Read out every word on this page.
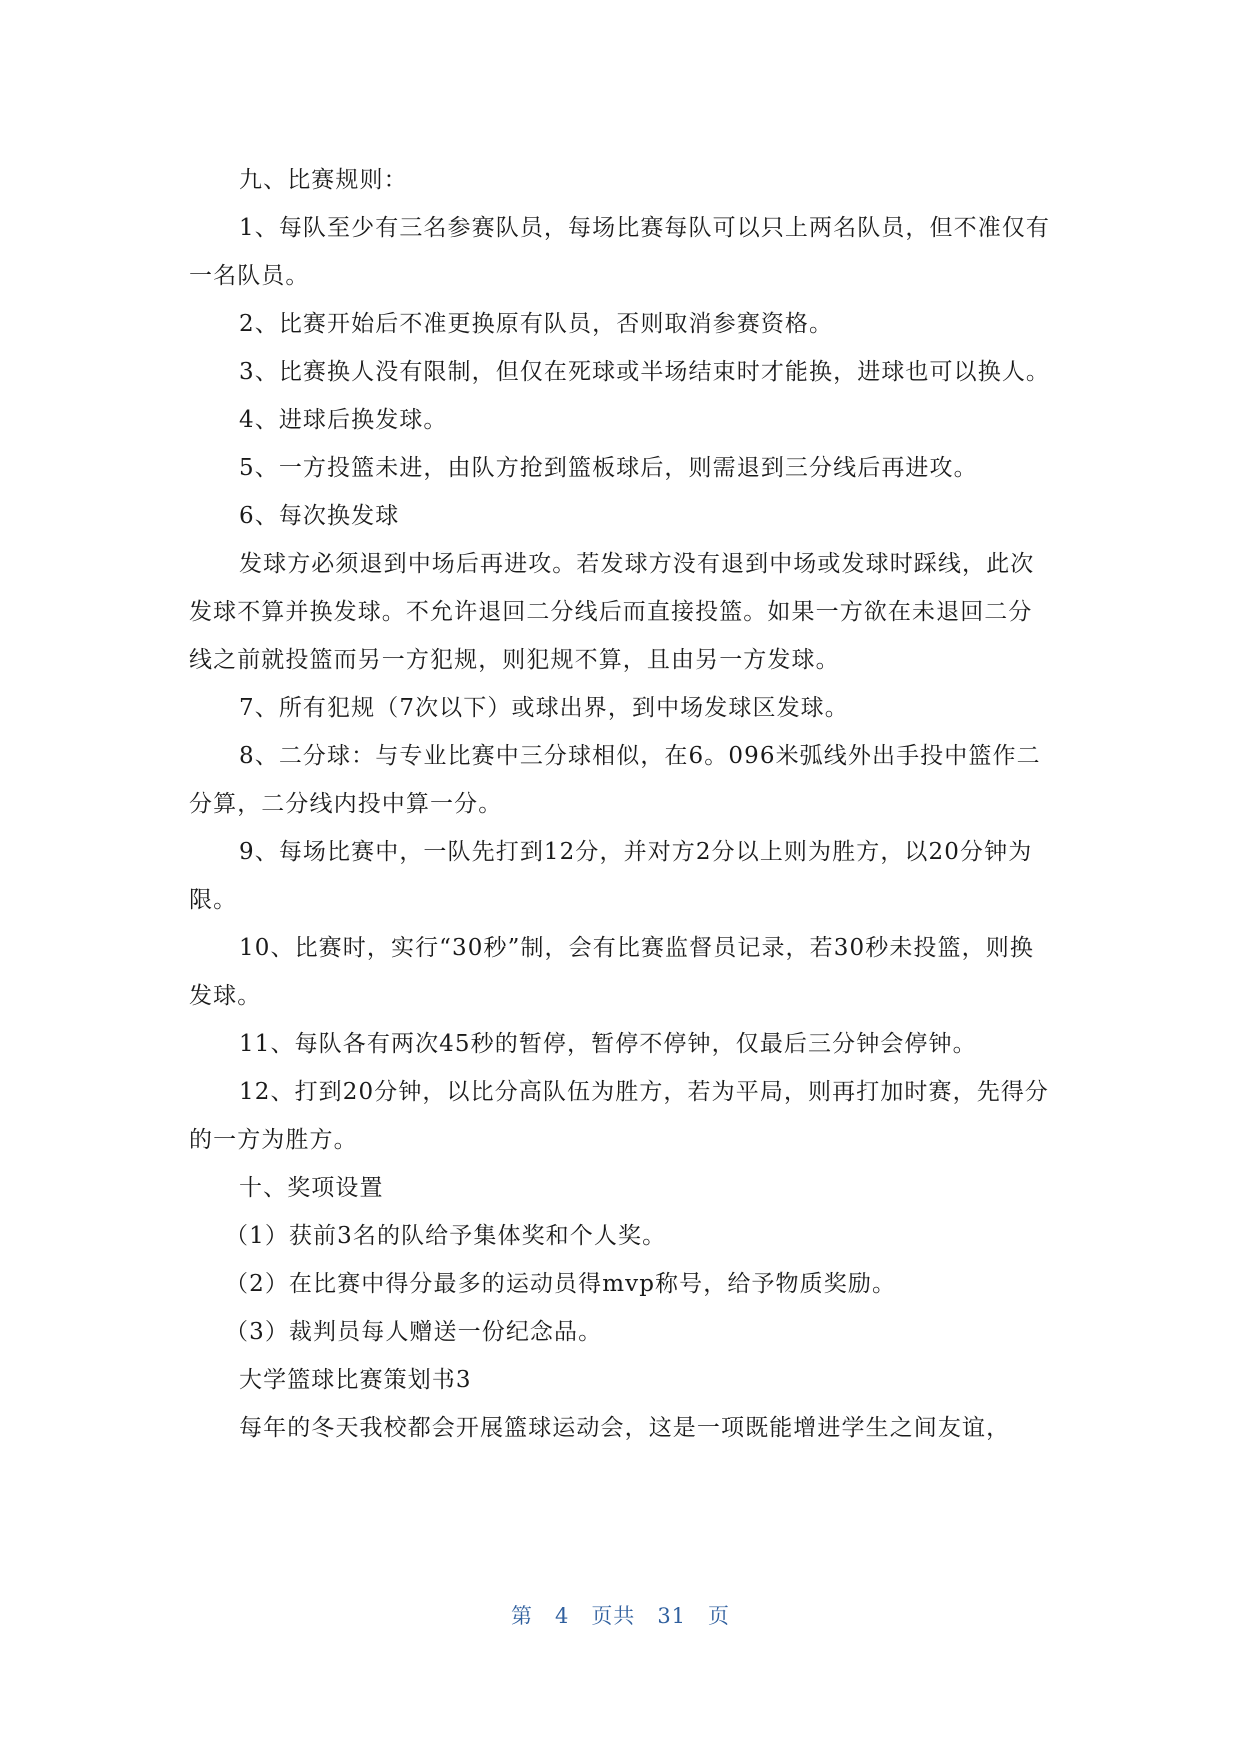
九、比赛规则：

1、每队至少有三名参赛队员，每场比赛每队可以只上两名队员，但不准仅有一名队员。

2、比赛开始后不准更换原有队员，否则取消参赛资格。

3、比赛换人没有限制，但仅在死球或半场结束时才能换，进球也可以换人。

4、进球后换发球。

5、一方投篮未进，由队方抢到篮板球后，则需退到三分线后再进攻。

6、每次换发球

发球方必须退到中场后再进攻。若发球方没有退到中场或发球时踩线，此次发球不算并换发球。不允许退回二分线后而直接投篮。如果一方欲在未退回二分线之前就投篮而另一方犯规，则犯规不算，且由另一方发球。

7、所有犯规（7次以下）或球出界，到中场发球区发球。

8、二分球：与专业比赛中三分球相似，在6。096米弧线外出手投中篮作二分算，二分线内投中算一分。

9、每场比赛中，一队先打到12分，并对方2分以上则为胜方，以20分钟为限。

10、比赛时，实行“30秒”制，会有比赛监督员记录，若30秒未投篮，则换发球。

11、每队各有两次45秒的暂停，暂停不停钟，仅最后三分钟会停钟。

12、打到20分钟，以比分高队伍为胜方，若为平局，则再打加时赛，先得分的一方为胜方。

十、奖项设置

（1）获前3名的队给予集体奖和个人奖。

（2）在比赛中得分最多的运动员得mvp称号，给予物质奖励。

（3）裁判员每人赠送一份纪念品。

大学篮球比赛策划书3

每年的冬天我校都会开展篮球运动会，这是一项既能增进学生之间友谊，

第 4 页共 31 页
